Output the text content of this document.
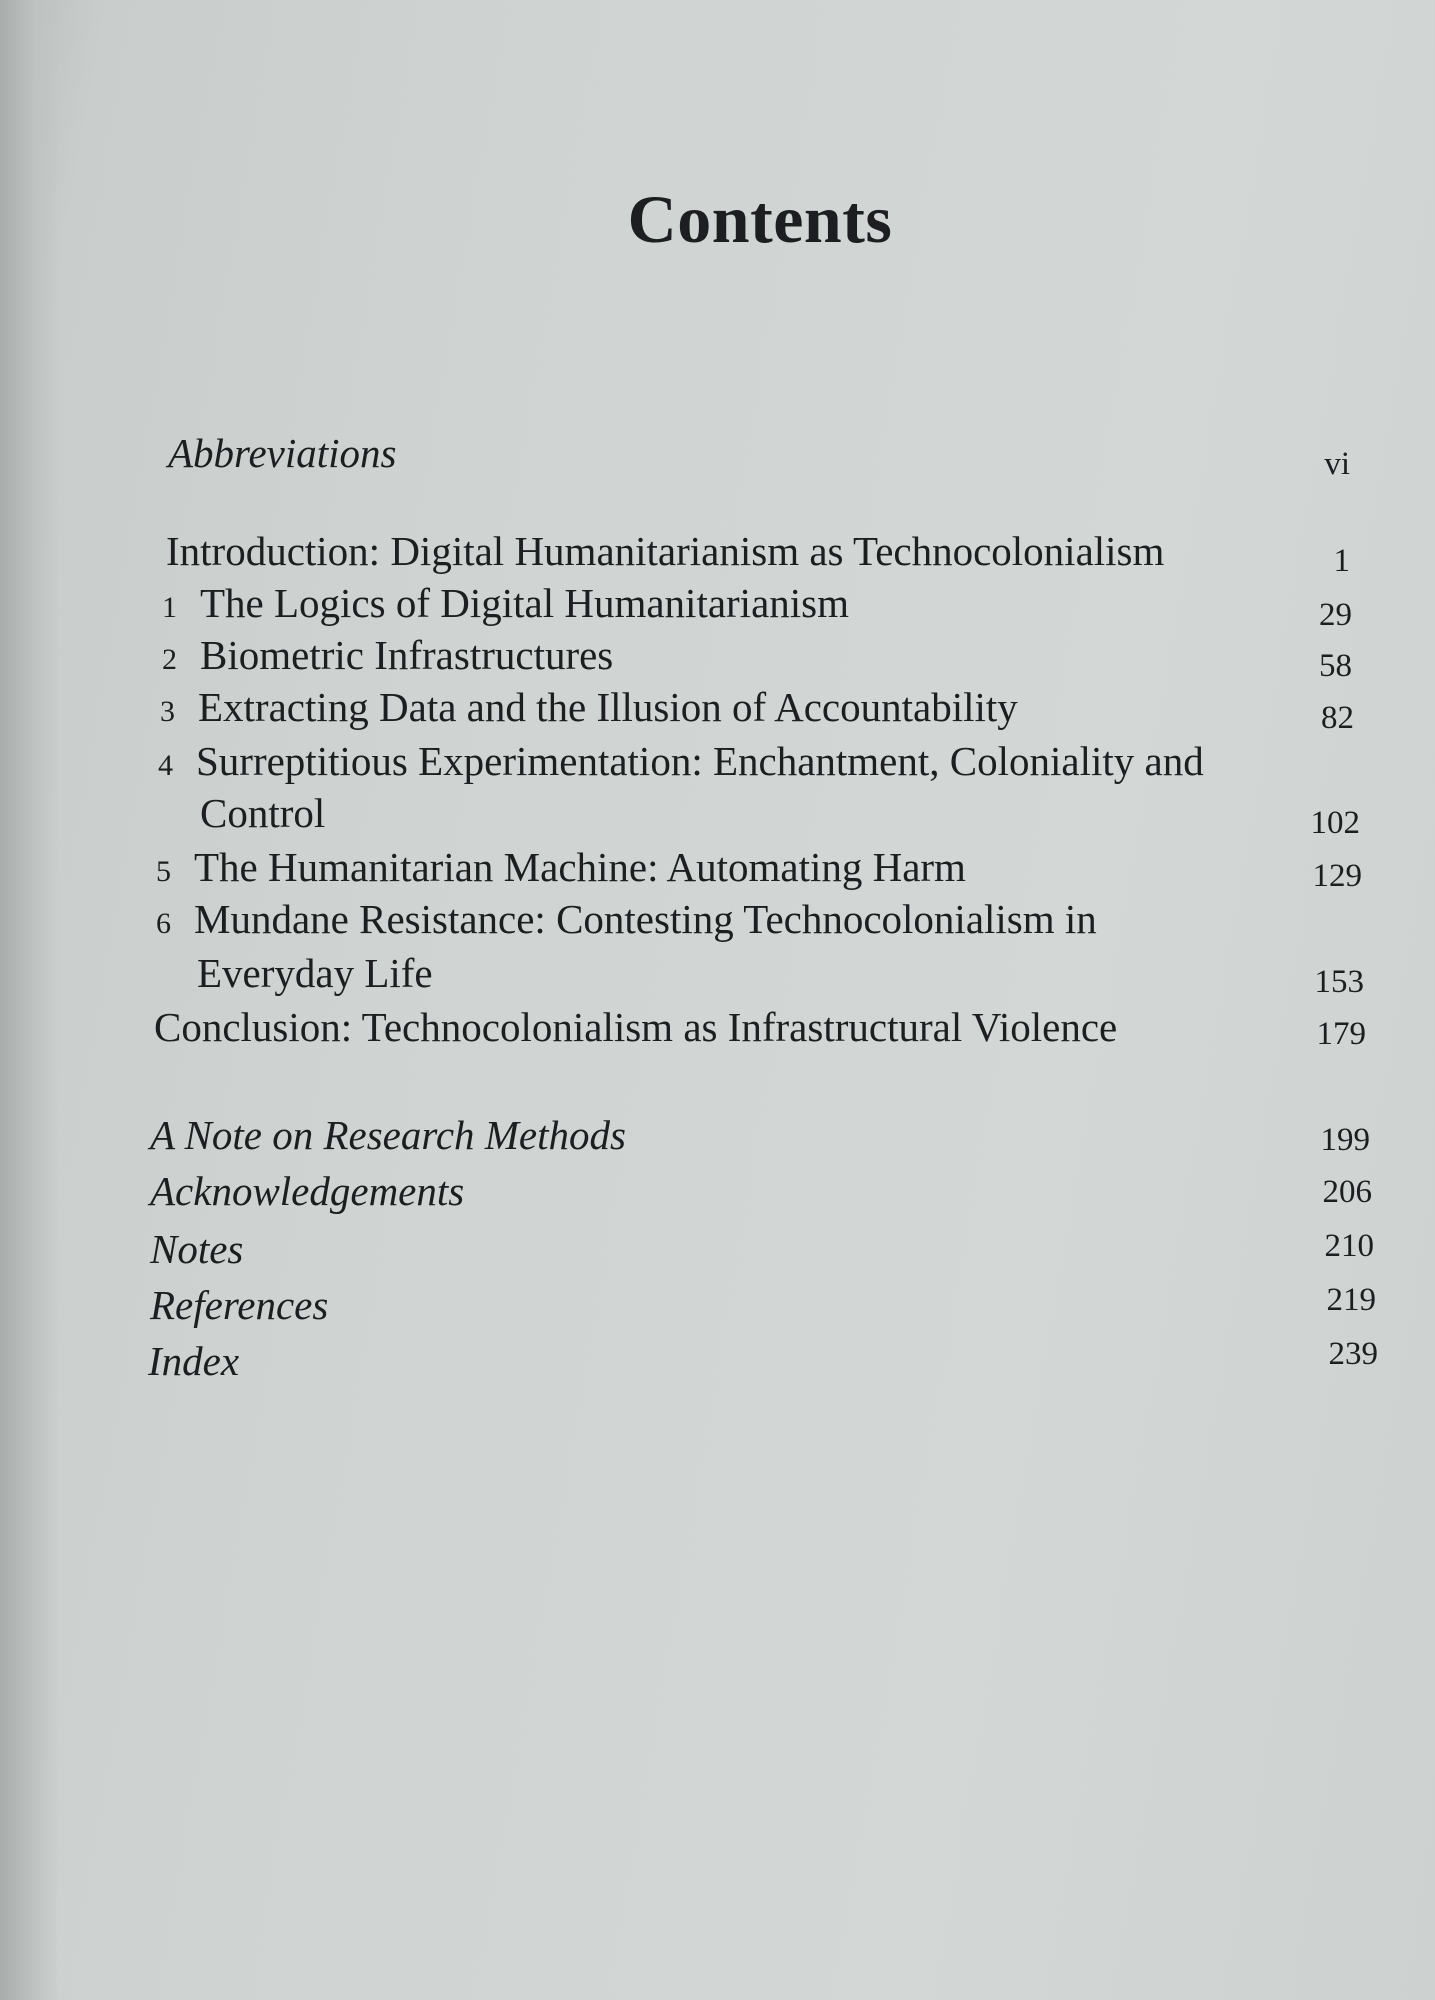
Contents
Abbreviations	vi
Introduction: Digital Humanitarianism as Technocolonialism	1
1 The Logics of Digital Humanitarianism	29
2 Biometric Infrastructures	58
3 Extracting Data and the Illusion of Accountability	82
4 Surreptitious Experimentation: Enchantment, Coloniality and
Control	102
5 The Humanitarian Machine: Automating Harm	129
6 Mundane Resistance: Contesting Technocolonialism in
Everyday Life	153
Conclusion: Technocolonialism as Infrastructural Violence	179
A Note on Research Methods	199
Acknowledgements	206
Notes	210
References	219
Index	239
